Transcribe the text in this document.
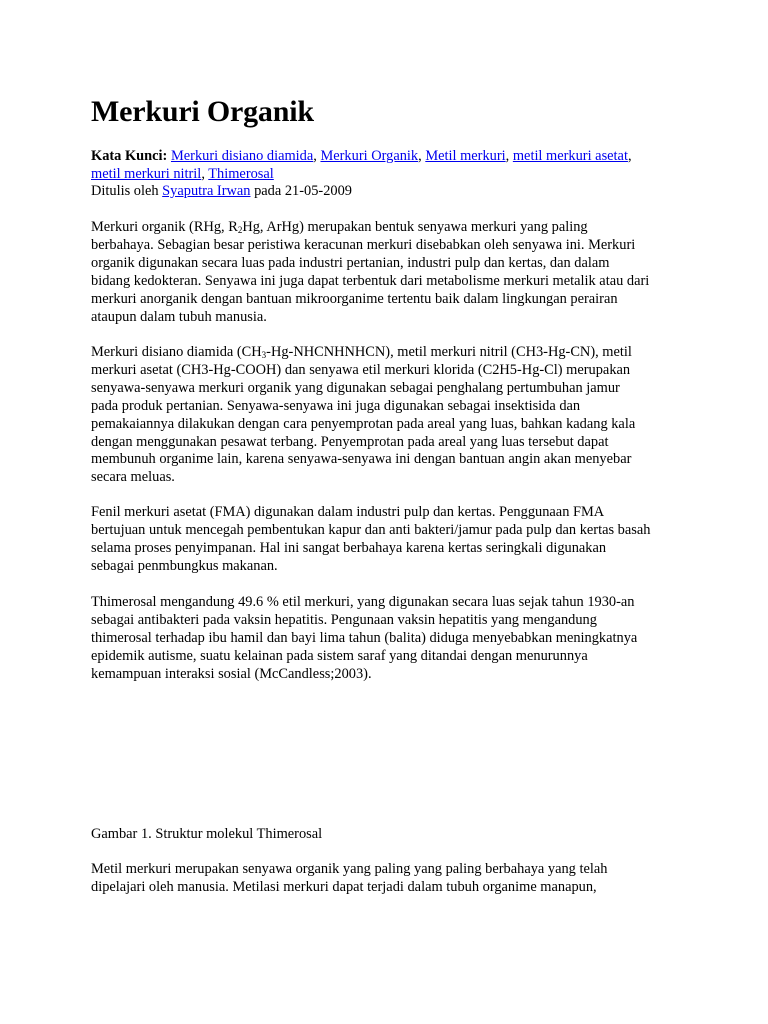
Merkuri Organik
Kata Kunci: Merkuri disiano diamida, Merkuri Organik, Metil merkuri, metil merkuri asetat,
metil merkuri nitril, Thimerosal
Ditulis oleh Syaputra Irwan pada 21-05-2009

Merkuri organik (RHg, $R_2Hg$, ArHg) merupakan bentuk senyawa merkuri yang paling
berbahaya. Sebagian besar peristiwa keracunan merkuri disebabkan oleh senyawa ini. Merkuri
organik digunakan secara luas pada industri pertanian, industri pulp dan kertas, dan dalam
bidang kedokteran. Senyawa ini juga dapat terbentuk dari metabolisme merkuri metalik atau dari
merkuri anorganik dengan bantuan mikroorganime tertentu baik dalam lingkungan perairan
ataupun dalam tubuh manusia.

Merkuri disiano diamida $(CH_3-Hg-NHCNHNHCN)$, metil merkuri nitril (CH3-Hg-CN), metil
merkuri asetat (CH3-Hg-COOH) dan senyawa etil merkuri klorida (C2H5-Hg-Cl) merupakan
senyawa-senyawa merkuri organik yang digunakan sebagai penghalang pertumbuhan jamur
pada produk pertanian. Senyawa-senyawa ini juga digunakan sebagai insektisida dan
pemakaiannya dilakukan dengan cara penyemprotan pada areal yang luas, bahkan kadang kala
dengan menggunakan pesawat terbang. Penyemprotan pada areal yang luas tersebut dapat
membunuh organime lain, karena senyawa-senyawa ini dengan bantuan angin akan menyebar
secara meluas.

Fenil merkuri asetat (FMA) digunakan dalam industri pulp dan kertas. Penggunaan FMA
bertujuan untuk mencegah pembentukan kapur dan anti bakteri/jamur pada pulp dan kertas basah
selama proses penyimpanan. Hal ini sangat berbahaya karena kertas seringkali digunakan
sebagai penmbungkus makanan.

Thimerosal mengandung 49.6 % etil merkuri, yang digunakan secara luas sejak tahun 1930-an
sebagai antibakteri pada vaksin hepatitis. Pengunaan vaksin hepatitis yang mengandung
thimerosal terhadap ibu hamil dan bayi lima tahun (balita) diduga menyebabkan meningkatnya
epidemik autisme, suatu kelainan pada sistem saraf yang ditandai dengan menurunnya
kemampuan interaksi sosial (McCandless;2003).

Gambar 1. Struktur molekul Thimerosal

Metil merkuri merupakan senyawa organik yang paling yang paling berbahaya yang telah
dipelajari oleh manusia. Metilasi merkuri dapat terjadi dalam tubuh organime manapun,
